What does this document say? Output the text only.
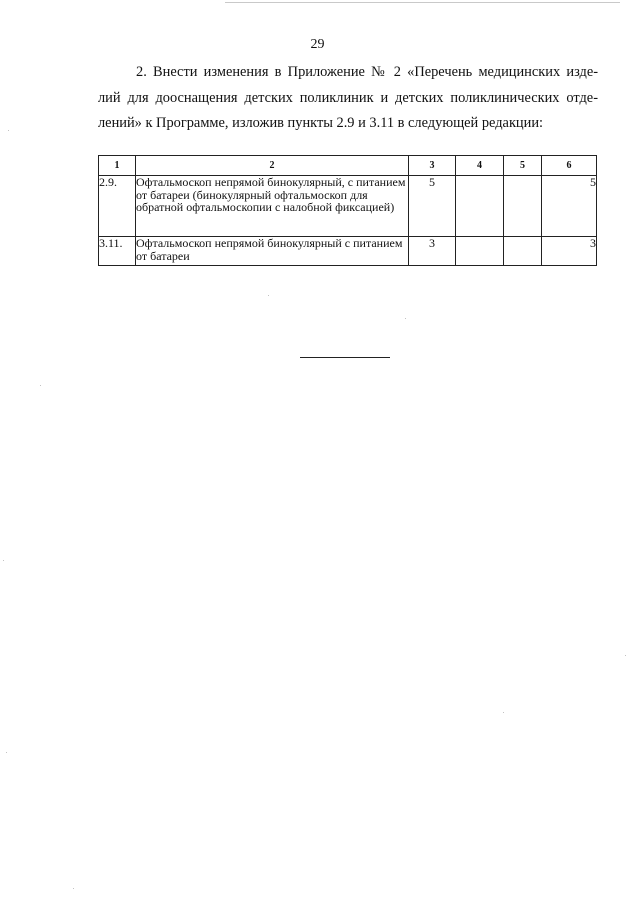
29
2. Внести изменения в Приложение № 2 «Перечень медицинских изде-
лий для дооснащения детских поликлиник и детских поликлинических отде-
лений» к Программе, изложив пункты 2.9 и 3.11 в следующей редакции:
1	2	3	4	5	6
2.9.	Офтальмоскоп непрямой бинокулярный, с питанием от батареи (бинокулярный офтальмоскоп для обратной офтальмоскопии с налобной фиксацией)	5			5
3.11.	Офтальмоскоп непрямой бинокулярный с питанием от батареи	3			3
